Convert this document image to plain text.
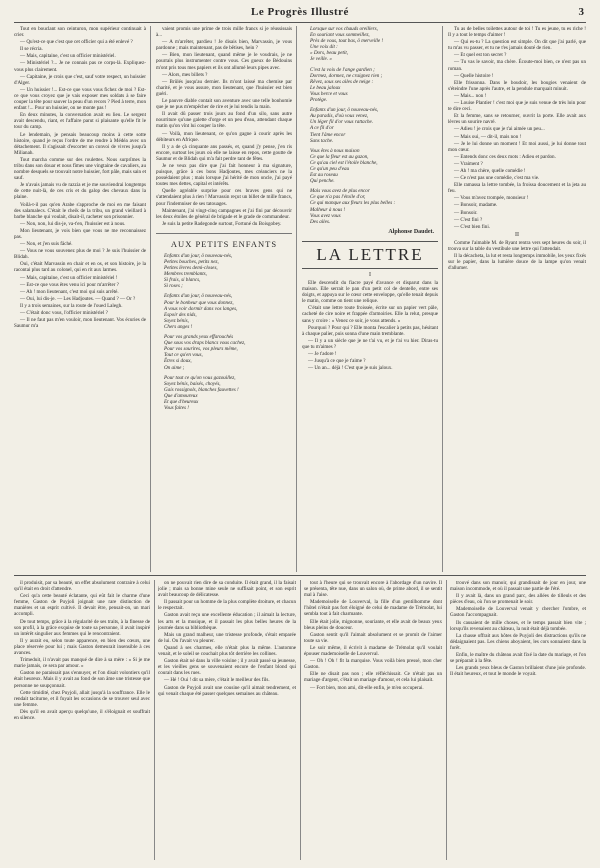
Le Progrès Illustré	3

Tout en bouclant son ceinturon, mon supérieur continuait à crier.

— Qu'est-ce que c'est que cet officier qui a été enlevé ?

Il se récria.

— Mais, capitaine, c'est un officier ministériel.

— Ministériel ?... Je ne connais pas ce corps-là. Expliquez-vous plus clairement.

— Capitaine, je crois que c'est, sauf votre respect, un huissier d'Alger.

— Un huissier !... Est-ce que vous vous fichez de moi ? Est-ce que vous croyez que je vais exposer mes soldats à se faire couper la tête pour sauver la peau d'un recors ? Pied à terre, mon enfant !... Pour un huissier, on ne monte pas !

En deux minutes, la conversation avait eu lieu. Le sergent avait descendu, riant, et l'affaire parut si plaisante qu'elle fit le tour du camp.

Le lendemain, je pensais beaucoup moins à cette sotte histoire, quand je reçus l'ordre de me rendre à Médéa avec un détachement. Il s'agissait d'escorter un convoi de vivres jusqu'à Milianah.

Tout marcha comme sur des roulettes. Nous surprîmes la tribu dans son douar et nous fîmes une vingtaine de cavaliers, au nombre desquels se trouvait notre huissier, fort pâle, mais sain et sauf.

Je n'avais jamais vu de razzia et je me souviendrai longtemps de cette nuit-là, de ces cris et du galop des chevaux dans la plaine.

Voilà-t-il pas qu'en Arabe s'approche de moi en me faisant des salamalecs. C'était le cheik de la tribu, un grand vieillard à barbe blanche qui voulait, disait-il, racheter son prisonnier.

— Non, non, lui dis-je, va-t'en, l'huissier est à nous.

Mon lieutenant, je vois bien que vous ne me reconnaissez pas.

— Non, et j'en suis fâché.

— Vous ne vous souvenez plus de moi ? Je suis l'huissier de Blidah.

Oui, c'était Marvassin en chair et en os, et son histoire, je la racontai plus tard au colonel, qui en rit aux larmes.

— Mais, capitaine, c'est un officier ministériel !

— Est-ce que vous êtes venu ici pour m'arrêter ?

— Ah ! mon lieutenant, c'est moi qui suis arrêté.

— Oui, lui dis-je. — Les Hadjoutes. — Quand ? — Or ?

Il y a trois semaines, sur la route de l'oued Lalegh.

— C'était donc vous, l'officier ministériel ?

— Il ne faut pas m'en vouloir, mon lieutenant. Vos écuries de Saumur m'a

vaient promis une prime de trois mille francs si je réussissais à...

— A m'arrêter, pardieu ! Je disais bien, Marvassin, je vous pardonne ; mais maintenant, pas de bêtises, hein ?

— Bien, mon lieutenant, quand même je le voudrais, je ne pourrais plus instrumenter contre vous. Ces gueux de Bédouins m'ont pris tous mes papiers et ils ont allumé leurs pipes avec.

— Alors, mes billets ?

— Brûlés jusqu'au dernier. Ils m'ont laissé ma chemise par charité, et je vous assure, mon lieutenant, que l'huissier est bien guéri.

Le pauvre diable contait son aventure avec une telle bonhomie que je ne pus m'empêcher de rire et je lui tendis la main.

Il avait dû passer trois jours au fond d'un silo, sans autre nourriture qu'une galette d'orge et un peu d'eau, attendant chaque matin qu'on vînt lui couper la tête.

— Voilà, mon lieutenant, ce qu'on gagne à courir après les débiteurs en Afrique.

Il y a de çà cinquante ans passés, et, quand j'y pense, j'en ris encore, surtout les jours où elle ne laisse en repos, cette goutte de Saumur et de Blidah qui m'a fait perdre tant de fêtes.

Je ne veux pas dire que j'ai fait honneur à ma signature, puisque, grâce à ces bons Hadjoutes, mes créanciers ne la possédaient plus ; mais lorsque j'ai hérité de mon oncle, j'ai payé toutes mes dettes, capital et intérêts.

Quelle agréable surprise pour ces braves gens qui ne s'attendaient plus à rien ! Marvassin reçut un billet de mille francs, pour l'indemniser de ses tatouages.

Maintenant, j'ai vingt-cinq campagnes et j'ai fini par découvrir les deux étoiles de général de brigade et le grade de commandeur.

Je suis la petite Radegonde surtout, Fortuné du Boisgobey.

AUX PETITS ENFANTS
Enfants d'un jour, ô nouveau-nés,
Petites bouches, petits nez,
Petites lèvres demi-closes,
Membres tremblants,
Si frais, si blancs,
Si roses ;
Enfants d'un jour, ô nouveau-nés,
Pour le bonheur que vous donnez,
A vous voir dormir dans vos langes,
Espoir des nids,
Soyez bénis,
Chers anges !
Pour vos grands yeux effarouchés
Que sous vos draps blancs vous cachez,
Pour vos sourires, vos pleurs même,
Tout ce qu'en vous,
Êtres si doux,
On aime ;
Pour tout ce qu'on vous gazouillez,
Soyez bénis, baisés, choyés,
Gais rossignols, blanches fauvettes !
Que d'amoureux
Et que d'heureux
Vous faites !
Lorsque sur vos chauds oreillers,
En souriant vous sommeillez,
Près de vous, tout bas, ô merveille !
Une voix dit :
« Dors, beau petit,
Je veille. »
C'est la voix de l'ange gardien ;
Dormez, dormez, ne craignez rien ;
Rêvez, sous ses ailes de neige :
Le beau jaloux
Vous berce et vous
Protège.
Enfants d'un jour, ô nouveau-nés,
Au paradis, d'où vous venez,
Un léger fil d'or vous rattache.
A ce fil d'or
Tient l'âme encor
Sans tache.
Vous êtes à nous maison
Ce que la fleur est au gazon,
Ce qu'au ciel est l'étoile blanche,
Ce qu'un peu d'eau
Est au roseau
Qui penche.
Mais vous avez de plus encor
Ce que n'a pas l'étoile d'or,
Ce qui manque aux fleurs les plus belles :
Malheur à nous !
Vous avez vous
Des ailes.
Alphonse Daudet.
LA LETTRE
I

Elle descendit du fiacre payé d'avance et disparut dans la maison. Elle serrait le pan d'un petit col de dentelle, entre ses doigts, et appuya sur le cœur cette enveloppe, qu'elle tenait depuis le matin, comme on tient une relique.

C'était une lettre toute froissée, écrite sur un papier vert pâle, cacheté de cire noire et frappée d'armoiries. Elle la relut, presque sans y croire : « Venez ce soir, je vous attends. »

Pourquoi ? Pour qui ? Elle monta l'escalier à petits pas, hésitant à chaque palier, puis sonna d'une main tremblante.

— Il y a un siècle que je ne t'ai vu, et je t'ai vu hier. Diras-tu que tu m'aimes ?

— Je t'adore !

— Jusqu'à ce que je t'aime ?

— Un an... déjà ! C'est que je suis jaloux.

Tu as de belles toilettes autour de toi ! Tu es jeune, tu es riche ! Il y a tout le temps d'aimer !

— Qui es-tu ? La question est simple. On dit que j'ai parlé, que tu m'as vu passer, et tu ne t'es jamais douté de rien.

— Et quel est ton secret ?

— Tu vas le savoir, ma chère. Écoute-moi bien, ce n'est pas un roman.

— Quelle histoire !

Elle frissonna. Dans le boudoir, les bougies venaient de s'éteindre l'une après l'autre, et la pendule marquait minuit.

— Mais... non !

— Louise Plantier ! c'est moi que je suis venue de très loin pour te dire ceci.

Et la femme, sans se retourner, ouvrit la porte. Elle avait aux lèvres un sourire navré.

— Adieu ! je crois que je t'ai aimée un peu...

— Mais oui, — dit-il, mais non !

— Je le lui donne un moment ! Et moi aussi, je lui donne tout mon cœur.

— Entends donc ces deux mots : Adieu et pardon.

— Vraiment ?

— Ah ! ma chère, quelle comédie !

— Ce n'est pas une comédie, c'est ma vie.

Elle ramassa la lettre tombée, la froissa doucement et la jeta au feu.

— Vous m'avez trompée, monsieur !

— Bonsoir, madame.

— Bonsoir.

— C'est fini ?

— C'est bien fini.

II

Comme l'aimable M. de Ryant rentra vers sept heures du soir, il trouva sur la table du vestibule une lettre qui l'attendait.

Il la décacheta, la lut et resta longtemps immobile, les yeux fixés sur le papier, dans la lumière douce de la lampe qu'on venait d'allumer.

il produisit, par sa beauté, un effet absolument contraire à celui qu'il était en droit d'attendre.

Ceci qu'a cette beauté éclatante, qui eût fait le charme d'une femme, Gaston de Puyjoli joignait une rare distinction de manières et un esprit cultivé. Il devait être, pensait-on, un mari accompli.

De tout temps, grâce à la régularité de ses traits, à la finesse de son profil, à la grâce exquise de toute sa personne, il avait inspiré un intérêt singulier aux femmes qui le rencontraient.

Il y aurait eu, selon toute apparence, en bien des cœurs, une place réservée pour lui ; mais Gaston demeurait insensible à ces avances.

Trimeduit, il n'avait pas manqué de dire à sa mère : « Si je me marie jamais, ce sera par amour. »

Gaston ne paraissait pas s'ennuyer, et l'on disait volontiers qu'il était heureux. Mais il y avait au fond de son âme une tristesse que personne ne soupçonnait.

Cette timidité, chez Puyjoli, allait jusqu'à la souffrance. Elle le rendait taciturne, et il fuyait les occasions de se trouver seul avec une femme.

Dès qu'il en avait aperçu quelqu'une, il s'éloignait et souffrait en silence.

on ne pouvait rien dire de sa conduite. Il était grand, il la faisait jolie ; mais sa bonne mine seule ne suffisait point, et son esprit avait beaucoup de délicatesse.

Il passait pour un homme de la plus complète droiture, et chacun le respectait.

Gaston avait reçu une excellente éducation ; il aimait la lecture, les arts et la musique, et il passait les plus belles heures de la journée dans sa bibliothèque.

Mais un grand malheur, une tristesse profonde, s'était emparée de lui. On l'avait vu pleurer.

Quand à ses charmes, elle n'était plus la même. L'automne venait, et le soleil se couchait plus tôt derrière les collines.

Gaston était né dans la ville voisine ; il y avait passé sa jeunesse, et les vieilles gens se souvenaient encore de l'enfant blond qui courait dans les rues.

— Hé ! Oui ! dit sa mère, c'était le meilleur des fils.

Gaston de Puyjoli avait une cousine qu'il aimait tendrement, et qui venait chaque été passer quelques semaines au château.

tout à l'heure qui se trouvait encore à l'abordage d'un navire. Il se présenta, tête nue, dans un salon où, de prime abord, il se sentit mal à l'aise.

Mademoiselle de Louverval, la fille d'un gentilhomme dont l'hôtel n'était pas fort éloigné de celui de madame de Trémolat, lui sembla tout à fait charmante.

Elle était jolie, mignonne, souriante, et elle avait de beaux yeux bleus pleins de douceur.

Gaston sentit qu'il l'aimait absolument et se promit de l'aimer toute sa vie.

Le soir même, il écrivit à madame de Trémolat qu'il voulait épouser mademoiselle de Louverval.

— Oh ! Oh ! fit la marquise. Vous voilà bien pressé, mon cher Gaston.

Elle ne disait pas non ; elle réfléchissait. Ce n'était pas un mariage d'argent, c'était un mariage d'amour, et cela lui plaisait.

— Fort bien, mon ami, dit-elle enfin, je m'en occuperai.

trouvé dans son manoir, qui grandissait de jour en jour, une maison incommode, et où il passait une partie de l'été.

Il y avait là, dans un grand parc, des allées de tilleuls et des pièces d'eau, où l'on se promenait le soir.

Mademoiselle de Louverval venait y chercher l'ombre, et Gaston l'accompagnait.

Ils causaient de mille choses, et le temps passait bien vite ; lorsqu'ils revenaient au château, la nuit était déjà tombée.

La chasse offrait aux hôtes de Puyjoli des distractions qu'ils ne dédaignaient pas. Les chiens aboyaient, les cors sonnaient dans la forêt.

Enfin, le maître du château avait fixé la date du mariage, et l'on se préparait à la fête.

Les grands yeux bleus de Gaston brillaient d'une joie profonde. Il était heureux, et tout le monde le voyait.
